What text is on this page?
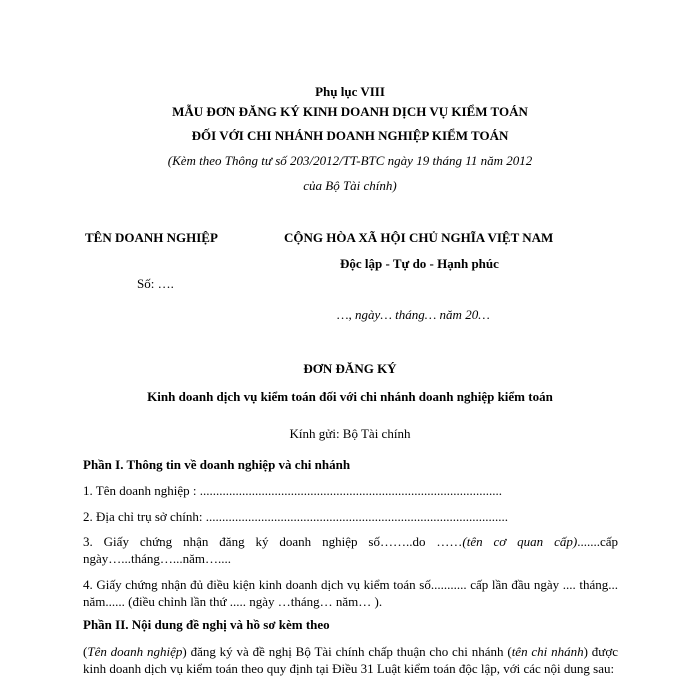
Phụ lục VIII
MẪU ĐƠN ĐĂNG KÝ KINH DOANH DỊCH VỤ KIỂM TOÁN
ĐỐI VỚI CHI NHÁNH DOANH NGHIỆP KIỂM TOÁN
(Kèm theo Thông tư số 203/2012/TT-BTC ngày 19 tháng 11 năm 2012
của Bộ Tài chính)
TÊN DOANH NGHIỆP	CỘNG HÒA XÃ HỘI CHỦ NGHĨA VIỆT NAM
Độc lập - Tự do - Hạnh phúc
Số: ….
…, ngày… tháng… năm 20…
ĐƠN ĐĂNG KÝ
Kinh doanh dịch vụ kiểm toán đối với chi nhánh doanh nghiệp kiểm toán
Kính gửi: Bộ Tài chính
Phần I. Thông tin về doanh nghiệp và chi nhánh
1. Tên doanh nghiệp : .............................................................................................
2. Địa chỉ trụ sở chính: .............................................................................................
3. Giấy chứng nhận đăng ký doanh nghiệp số……..do ……(tên cơ quan cấp).......cấp ngày…...tháng…...năm…....
4. Giấy chứng nhận đủ điều kiện kinh doanh dịch vụ kiểm toán số........... cấp lần đầu ngày .... tháng... năm...... (điều chỉnh lần thứ ..... ngày …tháng… năm… ).
Phần II. Nội dung đề nghị và hồ sơ kèm theo
(Tên doanh nghiệp) đăng ký và đề nghị Bộ Tài chính chấp thuận cho chi nhánh (tên chi nhánh) được kinh doanh dịch vụ kiểm toán theo quy định tại Điều 31 Luật kiểm toán độc lập, với các nội dung sau:
